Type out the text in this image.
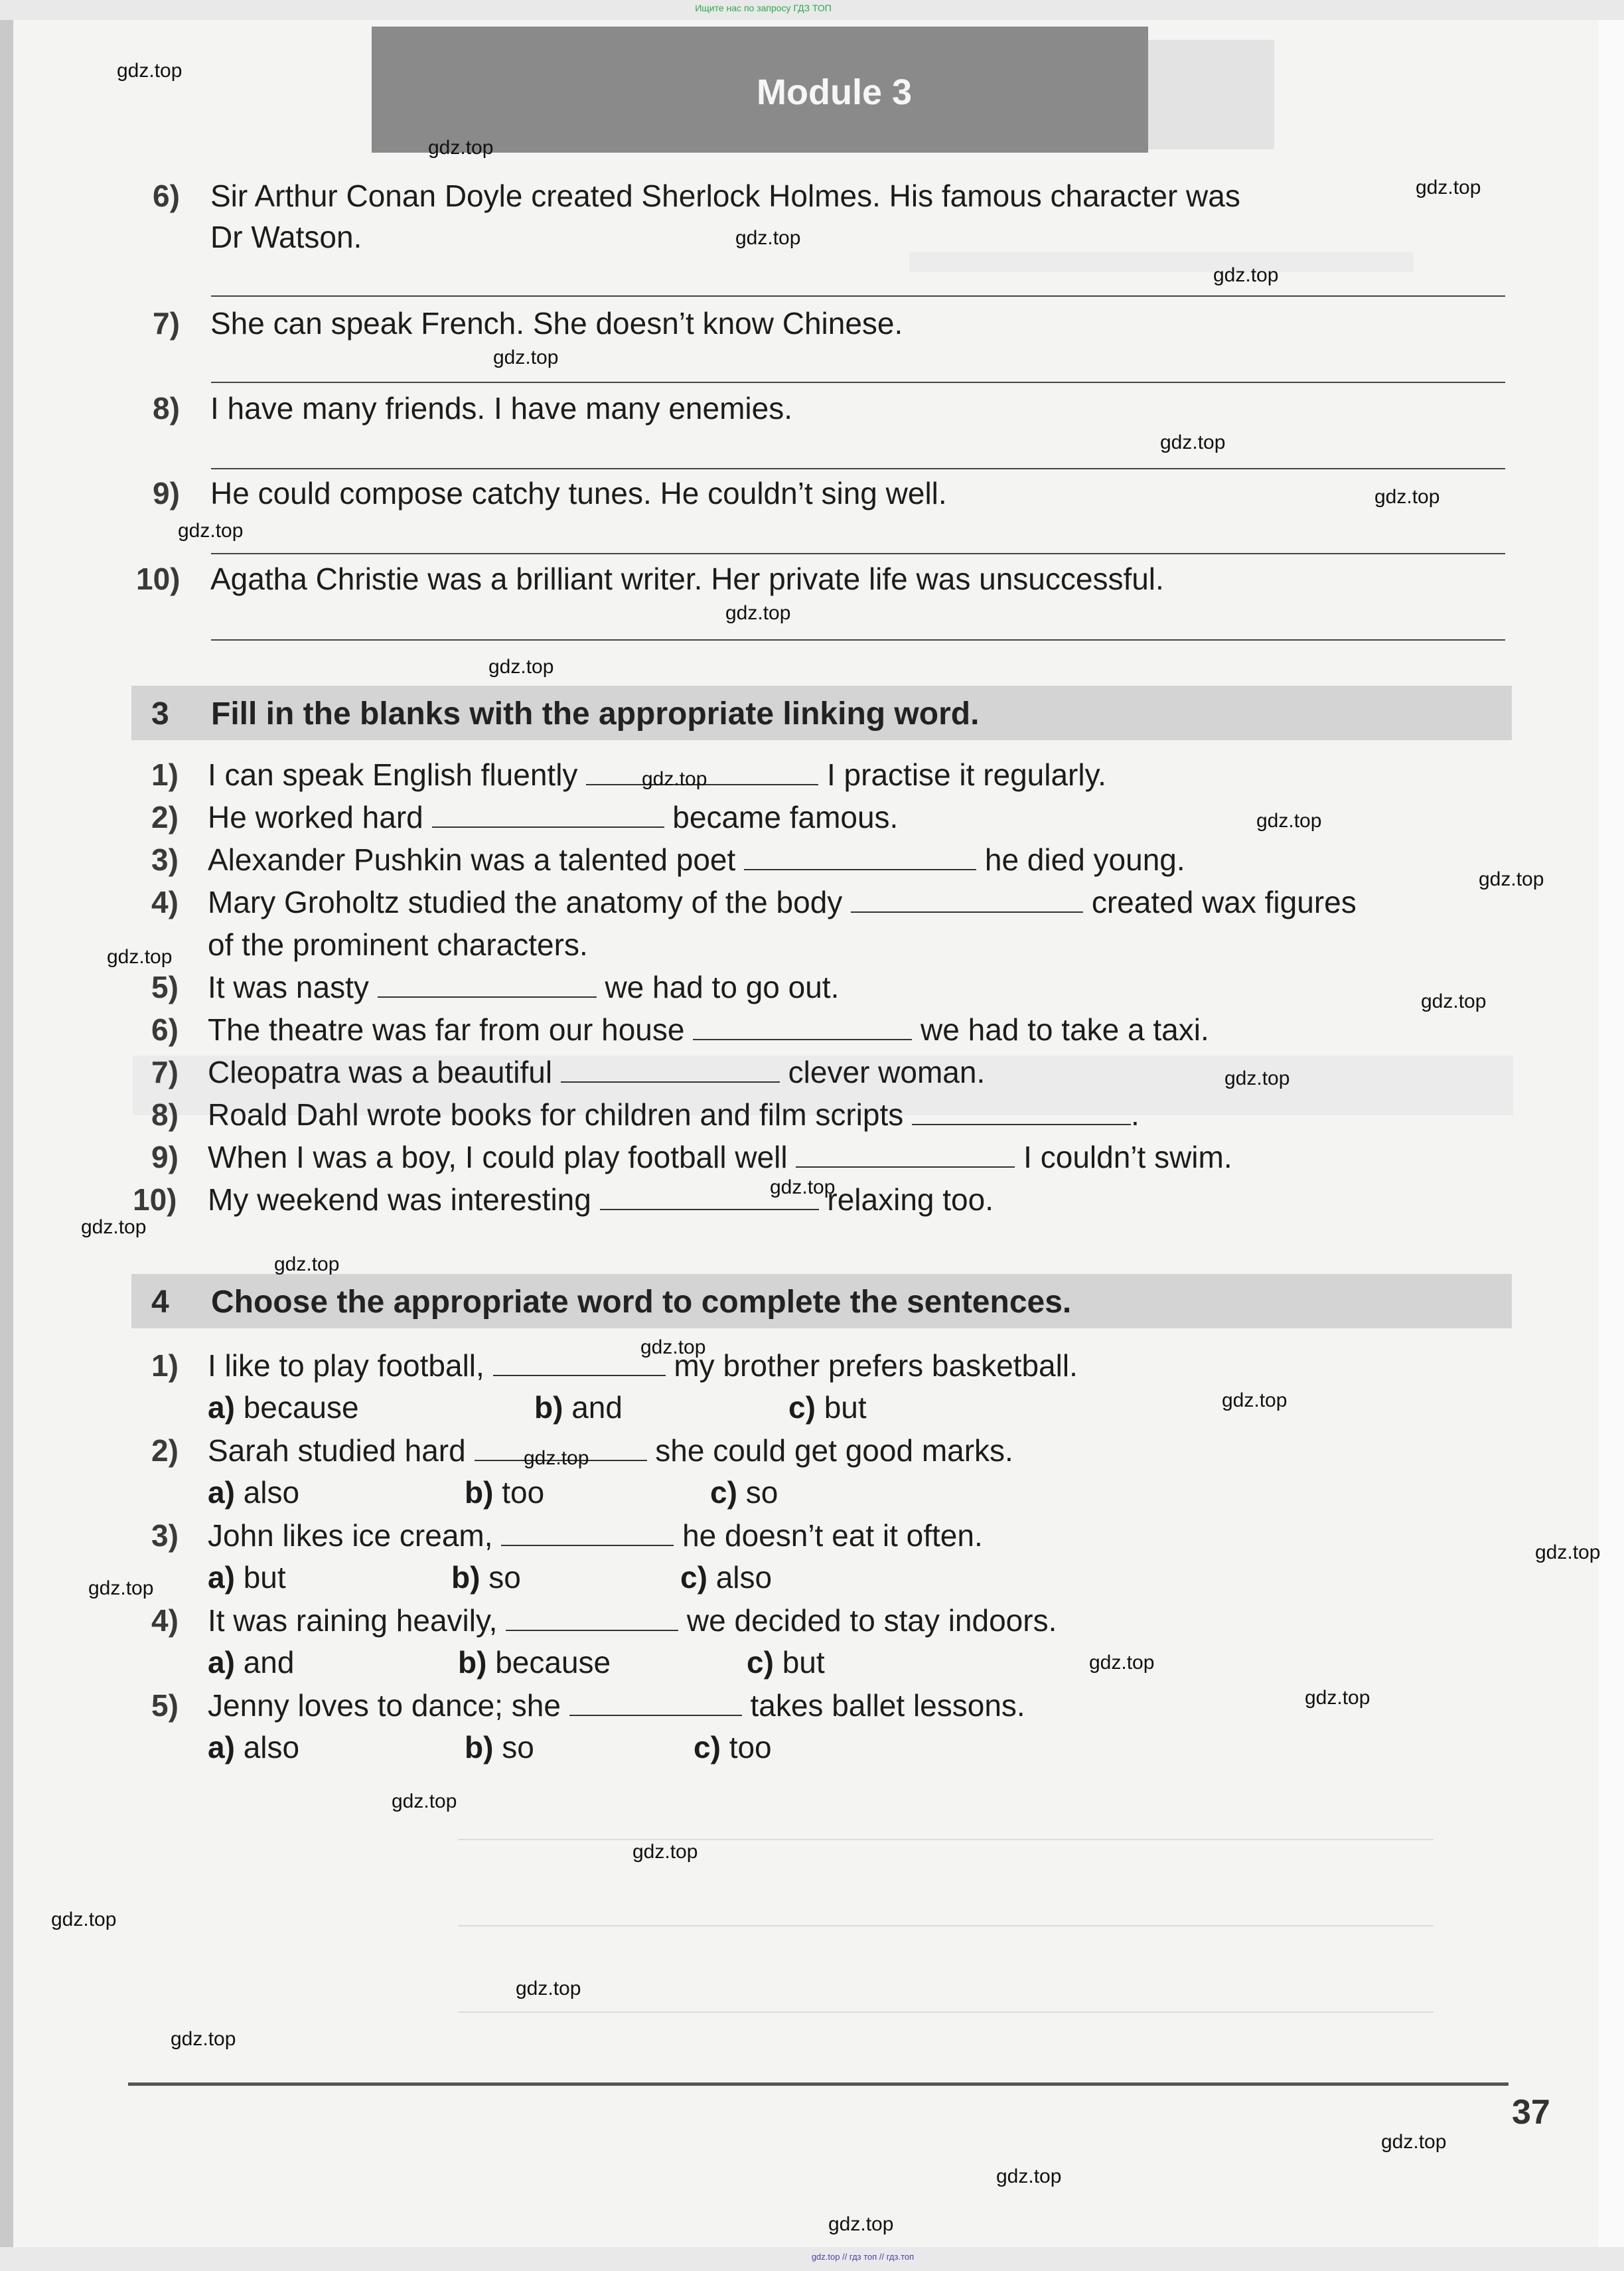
Ищите нас по запросу ГДЗ ТОП
Module 3
6) Sir Arthur Conan Doyle created Sherlock Holmes. His famous character was
Dr Watson.
7) She can speak French. She doesn’t know Chinese.
8) I have many friends. I have many enemies.
9) He could compose catchy tunes. He couldn’t sing well.
10) Agatha Christie was a brilliant writer. Her private life was unsuccessful.
3 Fill in the blanks with the appropriate linking word.
1) I can speak English fluently	I practise it regularly.
2) He worked hard	became famous.
3) Alexander Pushkin was a talented poet	he died young.
4) Mary Groholtz studied the anatomy of the body	created wax figures
of the prominent characters.
5) It was nasty	we had to go out.
6) The theatre was far from our house	we had to take a taxi.
7) Cleopatra was a beautiful	clever woman.
8) Roald Dahl wrote books for children and film scripts	.
9) When I was a boy, I could play football well	I couldn’t swim.
10) My weekend was interesting	relaxing too.
4 Choose the appropriate word to complete the sentences.
1) I like to play football,	my brother prefers basketball.
a) because	b) and	c) but
2) Sarah studied hard	she could get good marks.
a) also	b) too	c) so
3) John likes ice cream,	he doesn’t eat it often.
a) but	b) so	c) also
4) It was raining heavily,	we decided to stay indoors.
a) and	b) because	c) but
5) Jenny loves to dance; she	takes ballet lessons.
a) also	b) so	c) too
37
gdz.top // гдз топ // гдз.топ
gdz.top
gdz.top
gdz.top
gdz.top
gdz.top
gdz.top
gdz.top
gdz.top
gdz.top
gdz.top
gdz.top
gdz.top
gdz.top
gdz.top
gdz.top
gdz.top
gdz.top
gdz.top
gdz.top
gdz.top
gdz.top
gdz.top
gdz.top
gdz.top
gdz.top
gdz.top
gdz.top
gdz.top
gdz.top
gdz.top
gdz.top
gdz.top
gdz.top
gdz.top
gdz.top
